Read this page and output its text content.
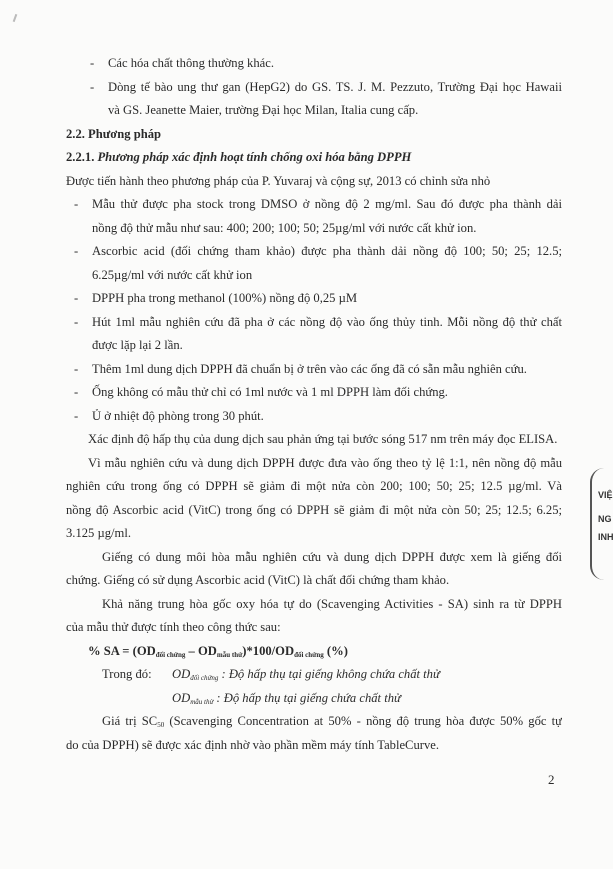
- Các hóa chất thông thường khác.
- Dòng tế bào ung thư gan (HepG2) do GS. TS. J. M. Pezzuto, Trường Đại học Hawaii
và GS. Jeanette Maier, trường Đại học Milan, Italia cung cấp.
2.2. Phương pháp
2.2.1. Phương pháp xác định hoạt tính chống oxi hóa bằng DPPH
Được tiến hành theo phương pháp của P. Yuvaraj và cộng sự, 2013 có chỉnh sửa nhỏ
- Mẫu thử được pha stock trong DMSO ở nồng độ 2 mg/ml. Sau đó được pha thành dải
nồng độ thử mẫu như sau: 400; 200; 100; 50; 25µg/ml với nước cất khử ion.
- Ascorbic acid (đối chứng tham khảo) được pha thành dải nồng độ 100; 50; 25; 12.5;
6.25µg/ml với nước cất khử ion
- DPPH pha trong methanol (100%) nồng độ 0,25 µM
- Hút 1ml mẫu nghiên cứu đã pha ở các nồng độ vào ống thủy tinh. Mỗi nồng độ thử chất
được lặp lại 2 lần.
- Thêm 1ml dung dịch DPPH đã chuẩn bị ở trên vào các ống đã có sẵn mẫu nghiên cứu.
- Ống không có mẫu thử chỉ có 1ml nước và 1 ml DPPH làm đối chứng.
- Ủ ở nhiệt độ phòng trong 30 phút.
Xác định độ hấp thụ của dung dịch sau phản ứng tại bước sóng 517 nm trên máy đọc ELISA.
Vì mẫu nghiên cứu và dung dịch DPPH được đưa vào ống theo tỷ lệ 1:1, nên nồng độ mẫu
nghiên cứu trong ống có DPPH sẽ giảm đi một nửa còn 200; 100; 50; 25; 12.5 µg/ml. Và
nồng độ Ascorbic acid (VitC) trong ống có DPPH sẽ giảm đi một nửa còn 50; 25; 12.5; 6.25;
3.125 µg/ml.
Giếng có dung môi hòa mẫu nghiên cứu và dung dịch DPPH được xem là giếng đối
chứng. Giếng có sử dụng Ascorbic acid (VitC) là chất đối chứng tham khảo.
Khả năng trung hòa gốc oxy hóa tự do (Scavenging Activities - SA) sinh ra từ DPPH
của mẫu thử được tính theo công thức sau:
% SA = $(OD_{đối chứng} - OD_{mẫu thử})*100/OD_{đối chứng}$ (%)
Trong đó: $OD_{đối chứng}$ : Độ hấp thụ tại giếng không chứa chất thử
$OD_{mẫu thử}$ : Độ hấp thụ tại giếng chứa chất thử
Giá trị $SC_{50}$ (Scavenging Concentration at 50% - nồng độ trung hòa được 50% gốc tự
do của DPPH) sẽ được xác định nhờ vào phần mềm máy tính TableCurve.
2
VIỆ
NG
INH
